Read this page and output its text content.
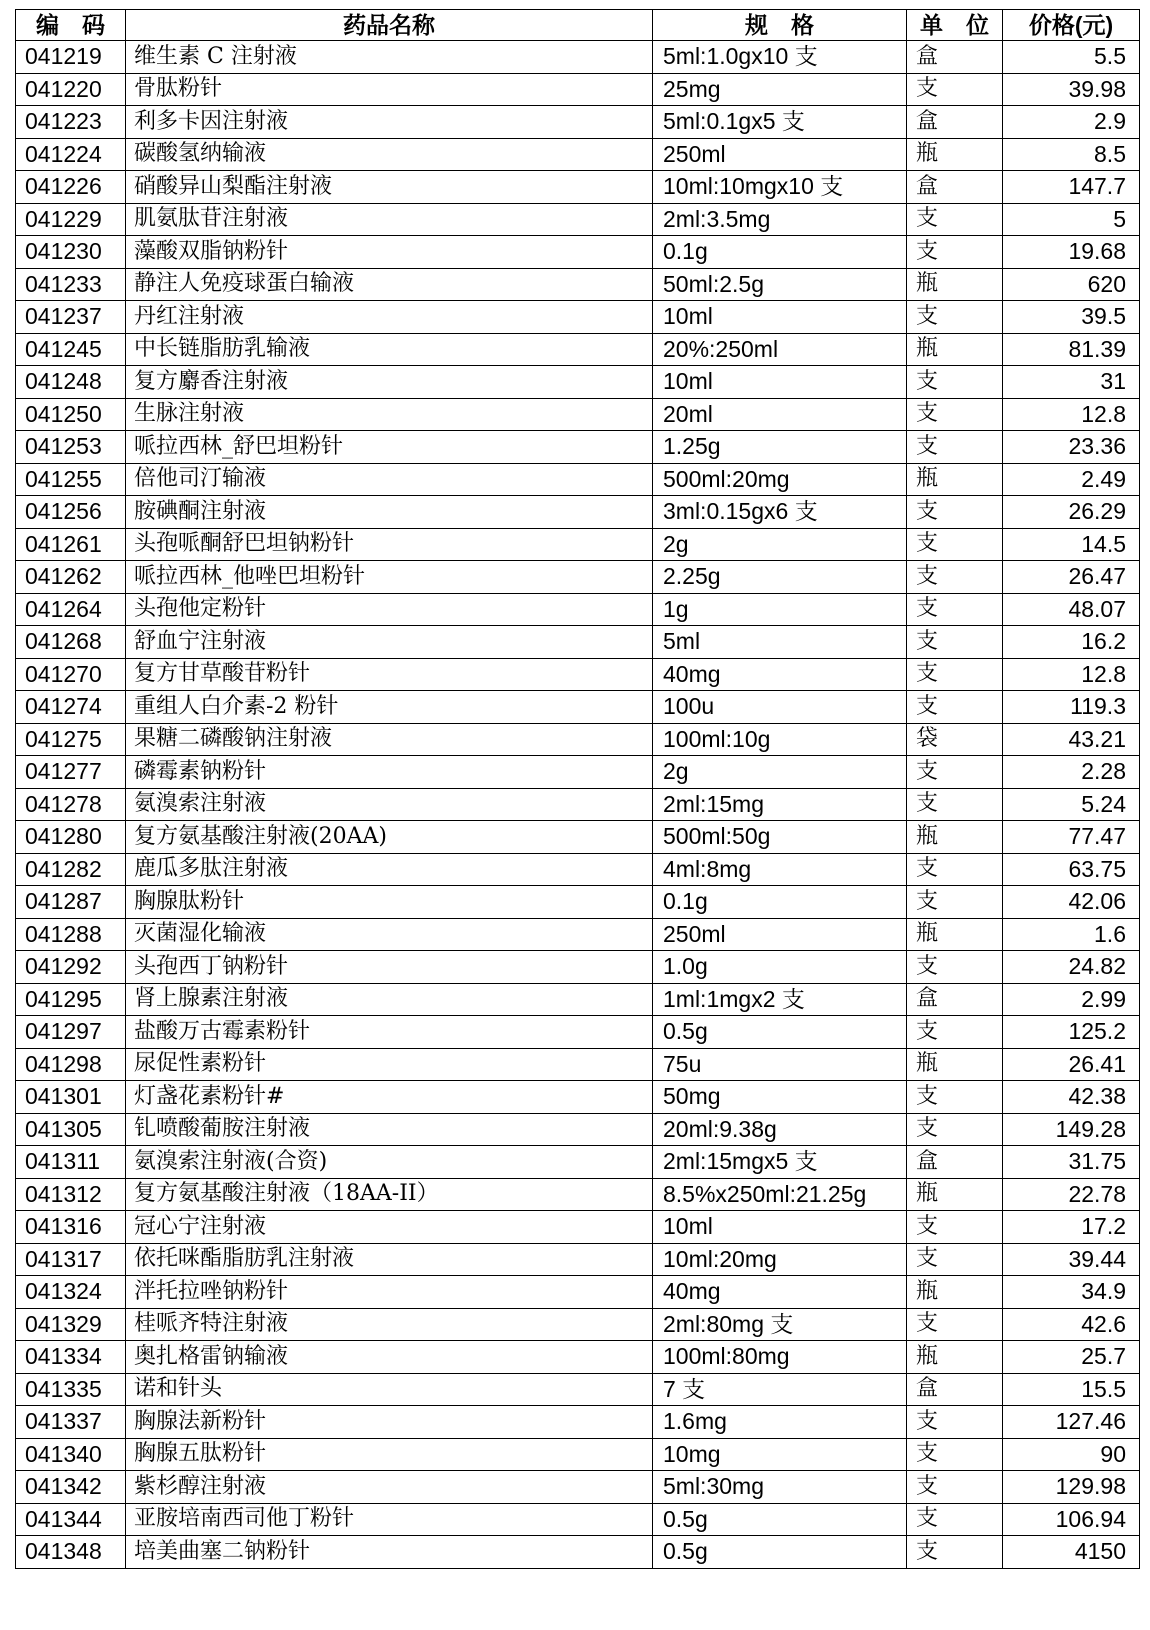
编　码	药品名称	规　格	单　位	价格(元)
041219	维生素 C 注射液	5ml:1.0gx10 支	盒	5.5
041220	骨肽粉针	25mg	支	39.98
041223	利多卡因注射液	5ml:0.1gx5 支	盒	2.9
041224	碳酸氢纳输液	250ml	瓶	8.5
041226	硝酸异山梨酯注射液	10ml:10mgx10 支	盒	147.7
041229	肌氨肽苷注射液	2ml:3.5mg	支	5
041230	藻酸双脂钠粉针	0.1g	支	19.68
041233	静注人免疫球蛋白输液	50ml:2.5g	瓶	620
041237	丹红注射液	10ml	支	39.5
041245	中长链脂肪乳输液	20%:250ml	瓶	81.39
041248	复方麝香注射液	10ml	支	31
041250	生脉注射液	20ml	支	12.8
041253	哌拉西林_舒巴坦粉针	1.25g	支	23.36
041255	倍他司汀输液	500ml:20mg	瓶	2.49
041256	胺碘酮注射液	3ml:0.15gx6 支	支	26.29
041261	头孢哌酮舒巴坦钠粉针	2g	支	14.5
041262	哌拉西林_他唑巴坦粉针	2.25g	支	26.47
041264	头孢他定粉针	1g	支	48.07
041268	舒血宁注射液	5ml	支	16.2
041270	复方甘草酸苷粉针	40mg	支	12.8
041274	重组人白介素-2 粉针	100u	支	119.3
041275	果糖二磷酸钠注射液	100ml:10g	袋	43.21
041277	磷霉素钠粉针	2g	支	2.28
041278	氨溴索注射液	2ml:15mg	支	5.24
041280	复方氨基酸注射液(20AA)	500ml:50g	瓶	77.47
041282	鹿瓜多肽注射液	4ml:8mg	支	63.75
041287	胸腺肽粉针	0.1g	支	42.06
041288	灭菌湿化输液	250ml	瓶	1.6
041292	头孢西丁钠粉针	1.0g	支	24.82
041295	肾上腺素注射液	1ml:1mgx2 支	盒	2.99
041297	盐酸万古霉素粉针	0.5g	支	125.2
041298	尿促性素粉针	75u	瓶	26.41
041301	灯盏花素粉针#	50mg	支	42.38
041305	钆喷酸葡胺注射液	20ml:9.38g	支	149.28
041311	氨溴索注射液(合资)	2ml:15mgx5 支	盒	31.75
041312	复方氨基酸注射液（18AA-II）	8.5%x250ml:21.25g	瓶	22.78
041316	冠心宁注射液	10ml	支	17.2
041317	依托咪酯脂肪乳注射液	10ml:20mg	支	39.44
041324	泮托拉唑钠粉针	40mg	瓶	34.9
041329	桂哌齐特注射液	2ml:80mg 支	支	42.6
041334	奥扎格雷钠输液	100ml:80mg	瓶	25.7
041335	诺和针头	7 支	盒	15.5
041337	胸腺法新粉针	1.6mg	支	127.46
041340	胸腺五肽粉针	10mg	支	90
041342	紫杉醇注射液	5ml:30mg	支	129.98
041344	亚胺培南西司他丁粉针	0.5g	支	106.94
041348	培美曲塞二钠粉针	0.5g	支	4150
